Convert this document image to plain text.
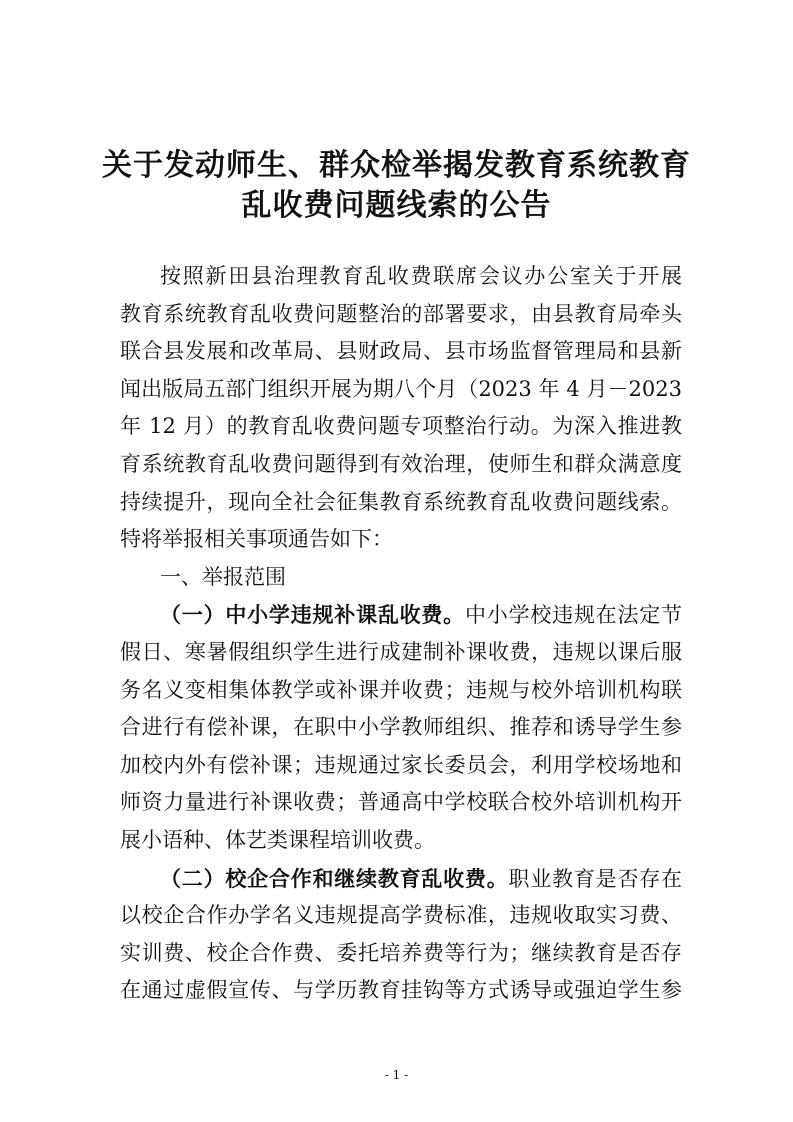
关于发动师生、群众检举揭发教育系统教育
乱收费问题线索的公告
按照新田县治理教育乱收费联席会议办公室关于开展
教育系统教育乱收费问题整治的部署要求，由县教育局牵头
联合县发展和改革局、县财政局、县市场监督管理局和县新
闻出版局五部门组织开展为期八个月（2023 年 4 月－2023
年 12 月）的教育乱收费问题专项整治行动。为深入推进教
育系统教育乱收费问题得到有效治理，使师生和群众满意度
持续提升，现向全社会征集教育系统教育乱收费问题线索。
特将举报相关事项通告如下：
一、举报范围
（一）中小学违规补课乱收费。中小学校违规在法定节
假日、寒暑假组织学生进行成建制补课收费，违规以课后服
务名义变相集体教学或补课并收费；违规与校外培训机构联
合进行有偿补课，在职中小学教师组织、推荐和诱导学生参
加校内外有偿补课；违规通过家长委员会，利用学校场地和
师资力量进行补课收费；普通高中学校联合校外培训机构开
展小语种、体艺类课程培训收费。
（二）校企合作和继续教育乱收费。职业教育是否存在
以校企合作办学名义违规提高学费标准，违规收取实习费、
实训费、校企合作费、委托培养费等行为；继续教育是否存
在通过虚假宣传、与学历教育挂钩等方式诱导或强迫学生参
- 1 -
